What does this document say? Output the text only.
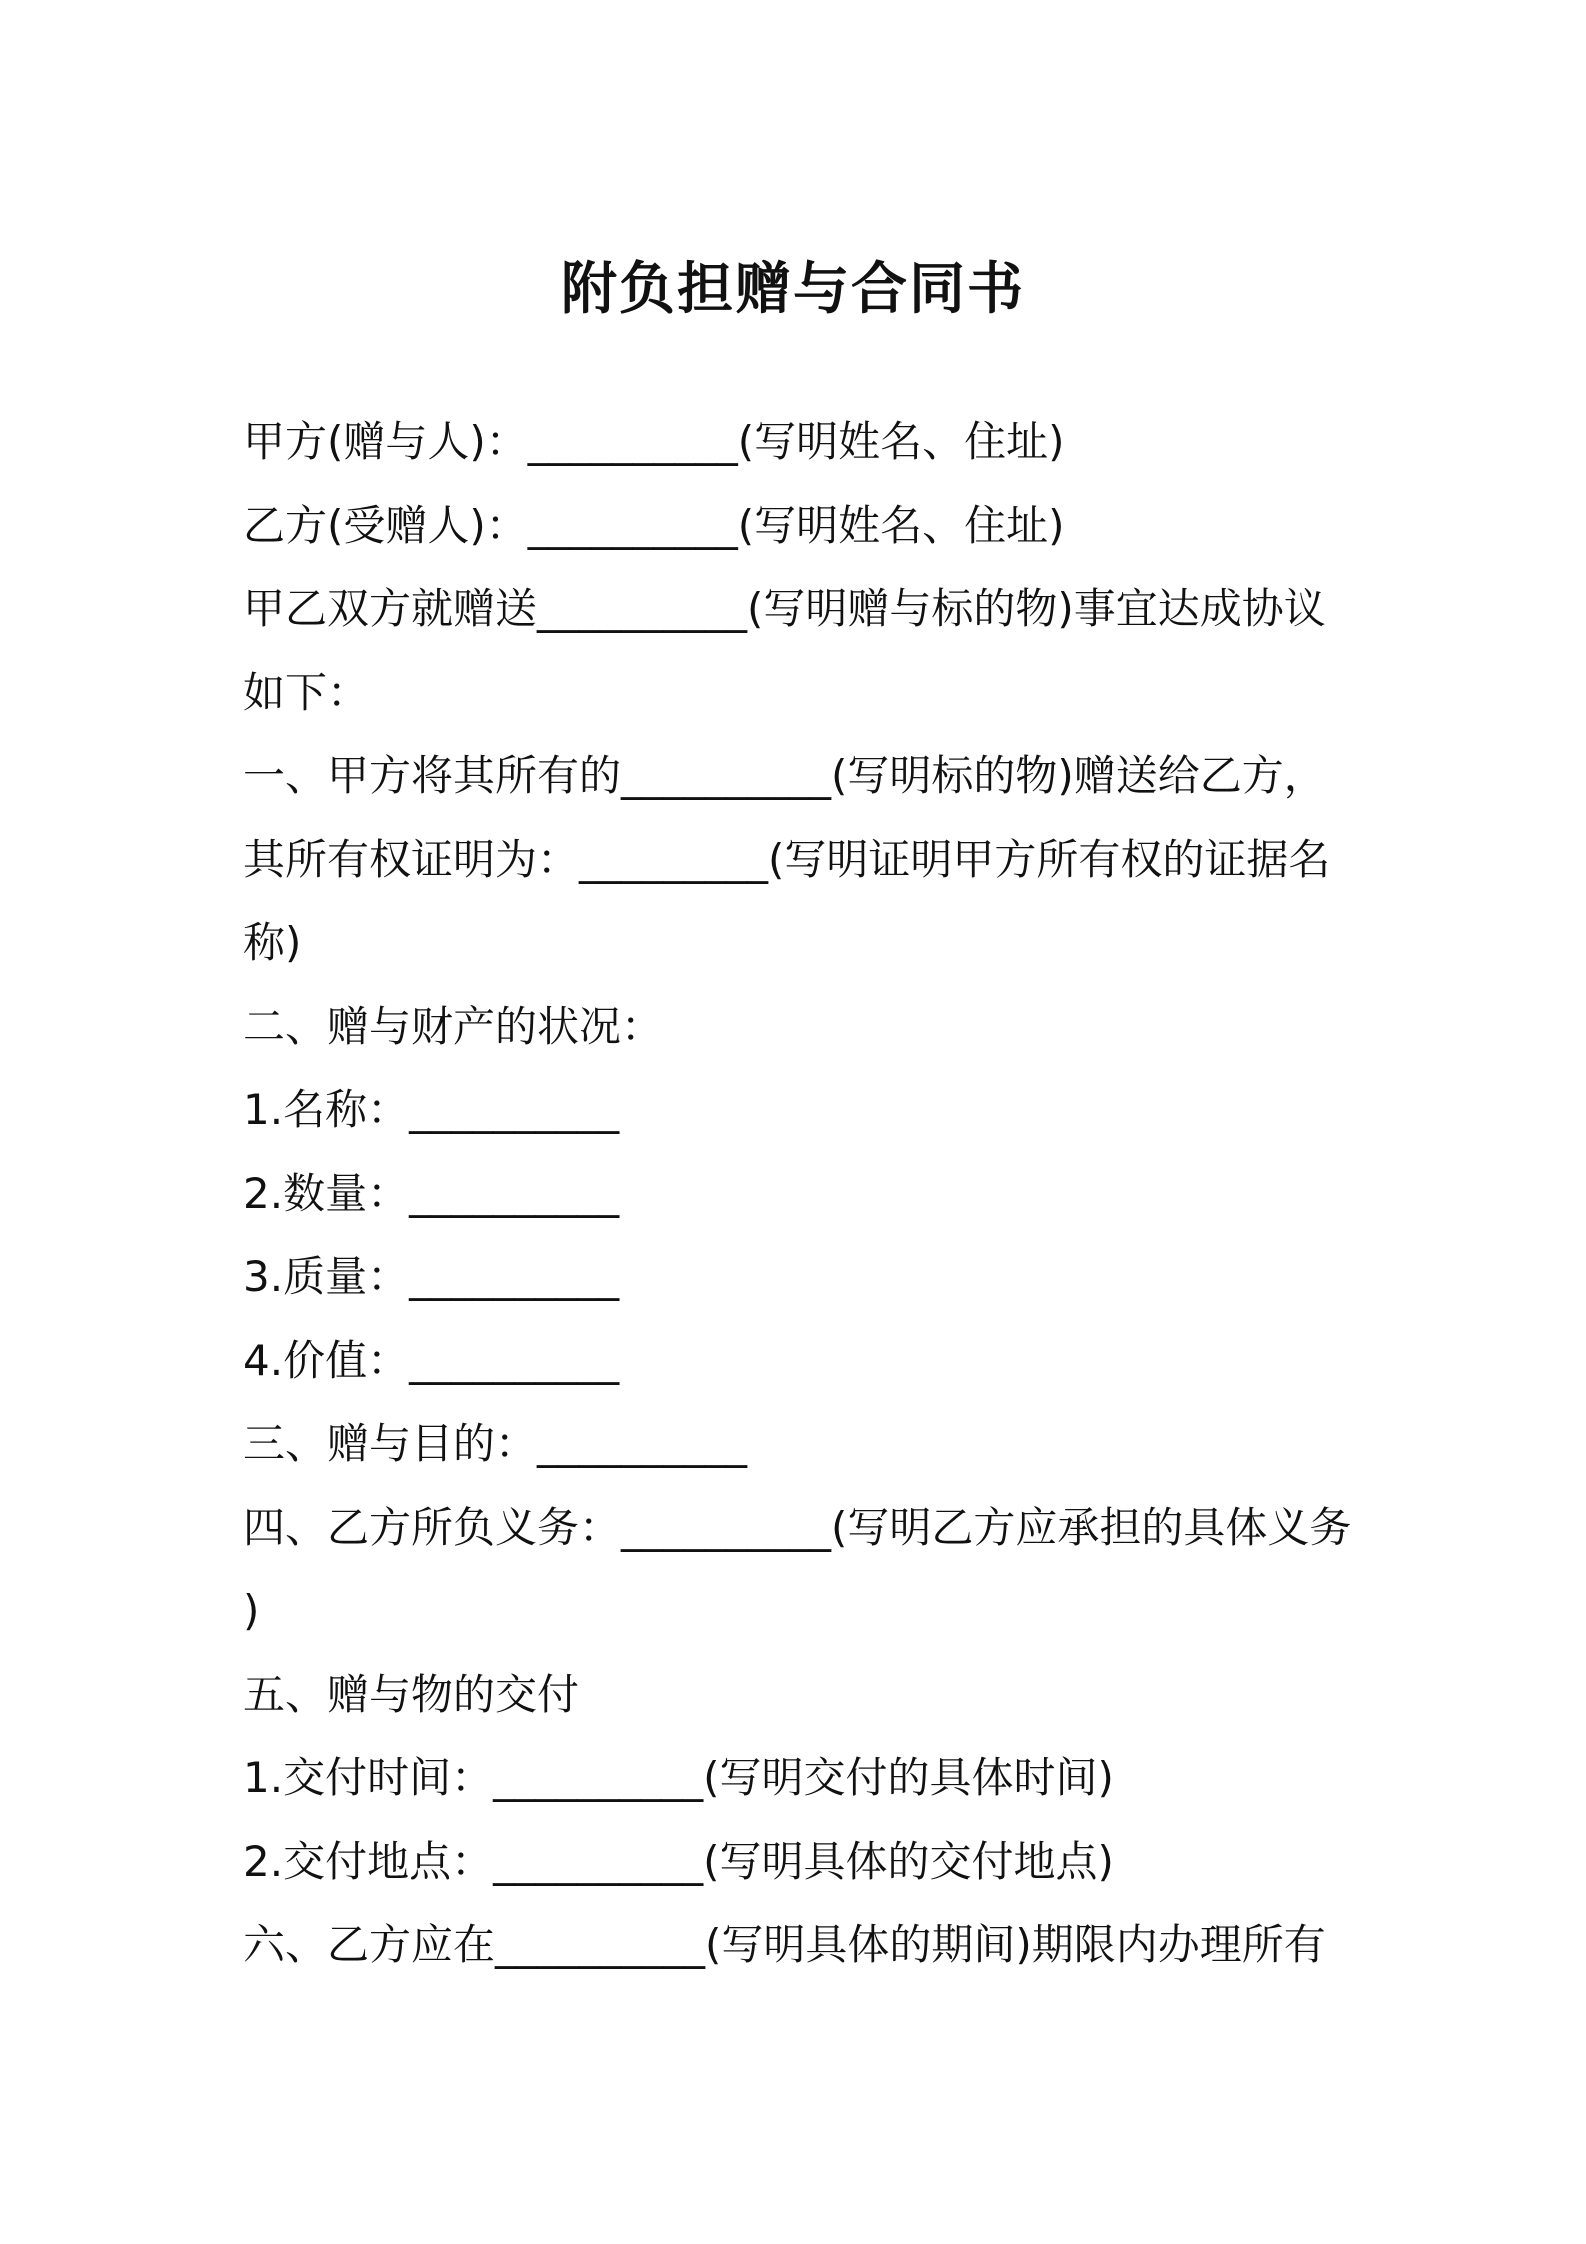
附负担赠与合同书

甲方(赠与人)：__________(写明姓名、住址)

乙方(受赠人)：__________(写明姓名、住址)

甲乙双方就赠送__________(写明赠与标的物)事宜达成协议

如下：

一、甲方将其所有的__________(写明标的物)赠送给乙方，

其所有权证明为：_________(写明证明甲方所有权的证据名

称)

二、赠与财产的状况：

1.名称：__________

2.数量：__________

3.质量：__________

4.价值：__________

三、赠与目的：__________

四、乙方所负义务：__________(写明乙方应承担的具体义务

)

五、赠与物的交付

1.交付时间：__________(写明交付的具体时间)

2.交付地点：__________(写明具体的交付地点)

六、乙方应在__________(写明具体的期间)期限内办理所有
